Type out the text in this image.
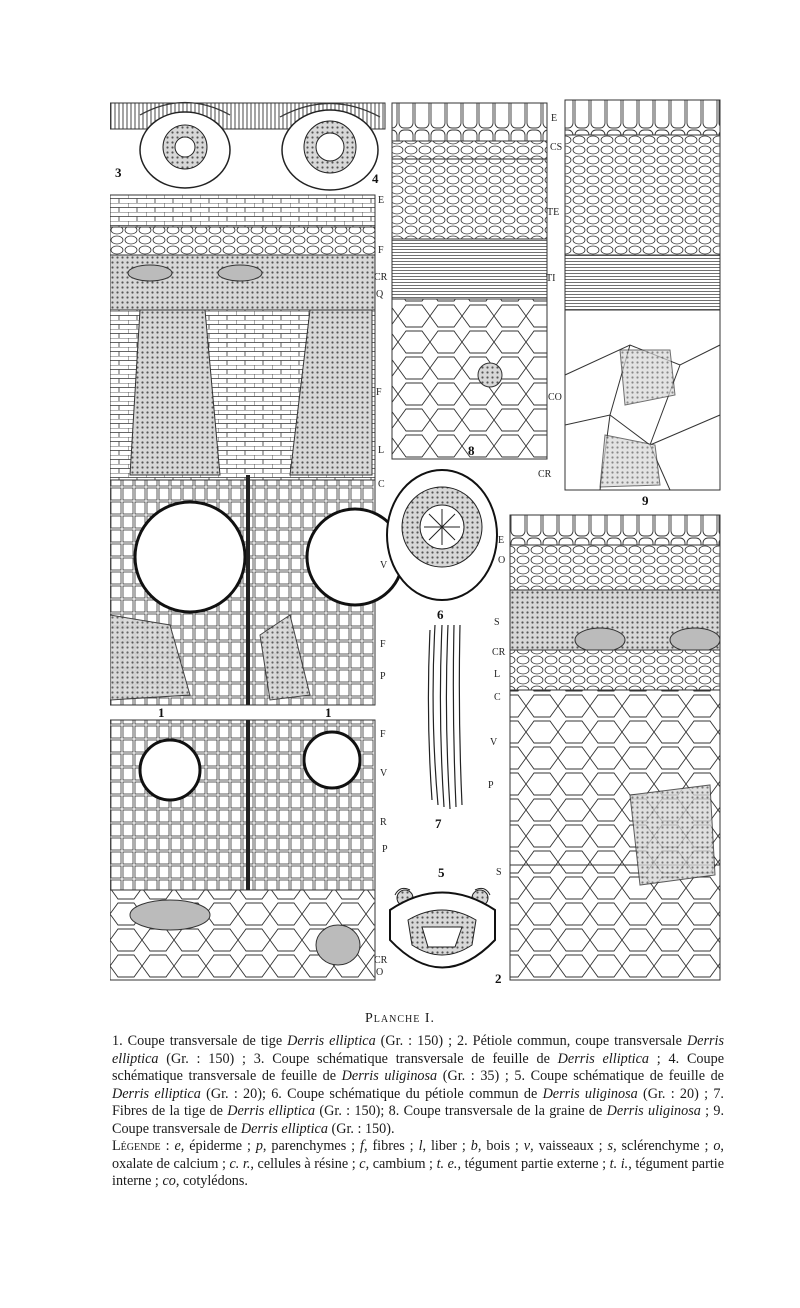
3	4
8
9
6
1	1
7
5
2
E
F
CR
Q
F
L
C
V
F
P
F
V
R
P
CR
O
E
CS
TE
TI
CO
CR
E
O
S
CR
L
C
V
P
S
Planche I.

1. Coupe transversale de tige Derris elliptica (Gr. : 150) ; 2. Pétiole commun, coupe transversale Derris elliptica (Gr. : 150) ; 3. Coupe schématique transversale de feuille de Derris elliptica ; 4. Coupe schématique transversale de feuille de Derris uliginosa (Gr. : 35) ; 5. Coupe schématique de feuille de Derris elliptica (Gr. : 20); 6. Coupe schématique du pétiole commun de Derris uliginosa (Gr. : 20) ; 7. Fibres de la tige de Derris elliptica (Gr. : 150); 8. Coupe transversale de la graine de Derris uliginosa ; 9. Coupe transversale de Derris elliptica (Gr. : 150).

Légende : e, épiderme ; p, parenchymes ; f, fibres ; l, liber ; b, bois ; v, vaisseaux ; s, sclérenchyme ; o, oxalate de calcium ; c. r., cellules à résine ; c, cambium ; t. e., tégument partie externe ; t. i., tégument partie interne ; co, cotylédons.
